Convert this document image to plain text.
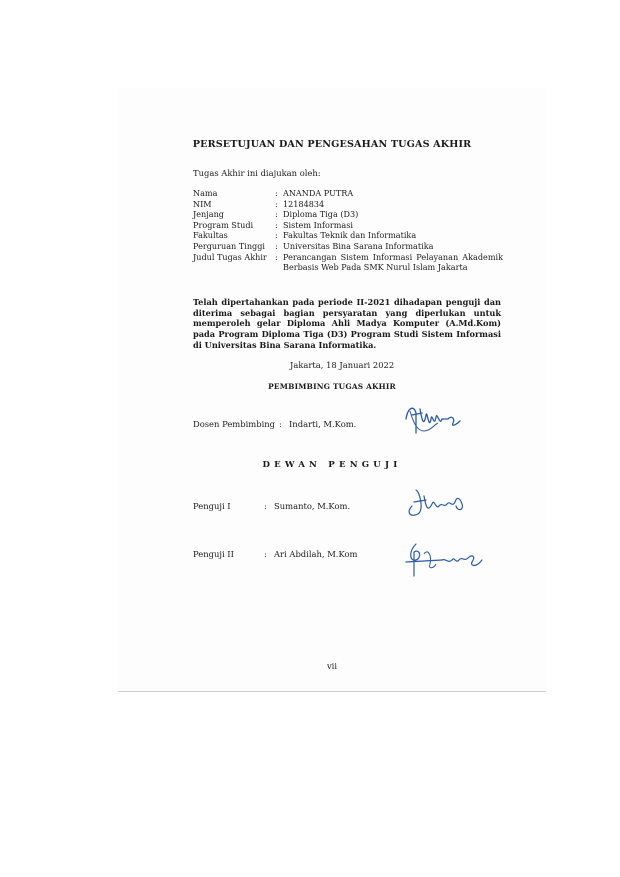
PERSETUJUAN DAN PENGESAHAN TUGAS AKHIR
Tugas Akhir ini diajukan oleh:
Nama	: ANANDA PUTRA
NIM	: 12184834
Jenjang	: Diploma Tiga (D3)
Program Studi	: Sistem Informasi
Fakultas	: Fakultas Teknik dan Informatika
Perguruan Tinggi	: Universitas Bina Sarana Informatika
Judul Tugas Akhir	: Perancangan Sistem Informasi Pelayanan Akademik Berbasis Web Pada SMK Nurul Islam Jakarta
Telah dipertahankan pada periode II-2021 dihadapan penguji dan diterima sebagai bagian persyaratan yang diperlukan untuk memperoleh gelar Diploma Ahli Madya Komputer (A.Md.Kom) pada Program Diploma Tiga (D3) Program Studi Sistem Informasi di Universitas Bina Sarana Informatika.
Jakarta, 18 Januari 2022
PEMBIMBING TUGAS AKHIR
Dosen Pembimbing : Indarti, M.Kom.
DEWAN PENGUJI
Penguji I	: Sumanto, M.Kom.
Penguji II	: Ari Abdilah, M.Kom
vii
